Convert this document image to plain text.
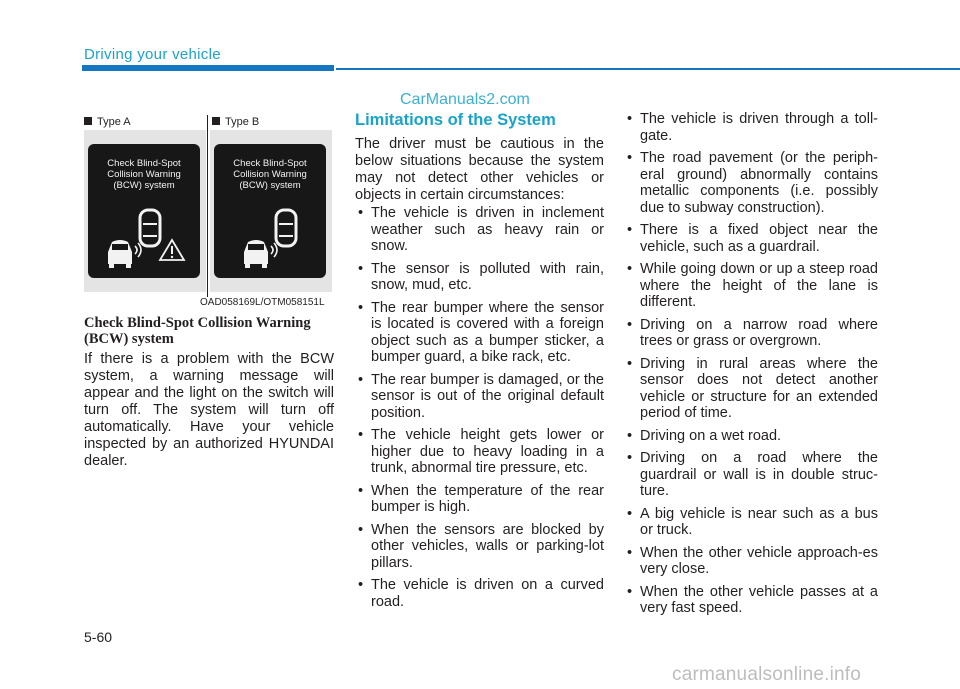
Driving your vehicle
CarManuals2.com
Type A	Type B
Check Blind-Spot
Collision Warning
(BCW) system
Check Blind-Spot
Collision Warning
(BCW) system
OAD058169L/OTM058151L
Check Blind-Spot Collision Warning (BCW) system
If there is a problem with the BCW system, a warning message will appear and the light on the switch will turn off. The system will turn off automatically. Have your vehicle inspected by an authorized HYUNDAI dealer.
Limitations of the System
The driver must be cautious in the below situations because the system may not detect other vehicles or objects in certain circumstances:
• The vehicle is driven in inclement weather such as heavy rain or snow.
• The sensor is polluted with rain, snow, mud, etc.
• The rear bumper where the sensor is located is covered with a foreign object such as a bumper sticker, a bumper guard, a bike rack, etc.
• The rear bumper is damaged, or the sensor is out of the original default position.
• The vehicle height gets lower or higher due to heavy loading in a trunk, abnormal tire pressure, etc.
• When the temperature of the rear bumper is high.
• When the sensors are blocked by other vehicles, walls or parking-lot pillars.
• The vehicle is driven on a curved road.
• The vehicle is driven through a toll-gate.
• The road pavement (or the periph-eral ground) abnormally contains metallic components (i.e. possibly due to subway construction).
• There is a fixed object near the vehicle, such as a guardrail.
• While going down or up a steep road where the height of the lane is different.
• Driving on a narrow road where trees or grass or overgrown.
• Driving in rural areas where the sensor does not detect another vehicle or structure for an extended period of time.
• Driving on a wet road.
• Driving on a road where the guardrail or wall is in double struc-ture.
• A big vehicle is near such as a bus or truck.
• When the other vehicle approach-es very close.
• When the other vehicle passes at a very fast speed.
5-60
carmanualsonline.info
